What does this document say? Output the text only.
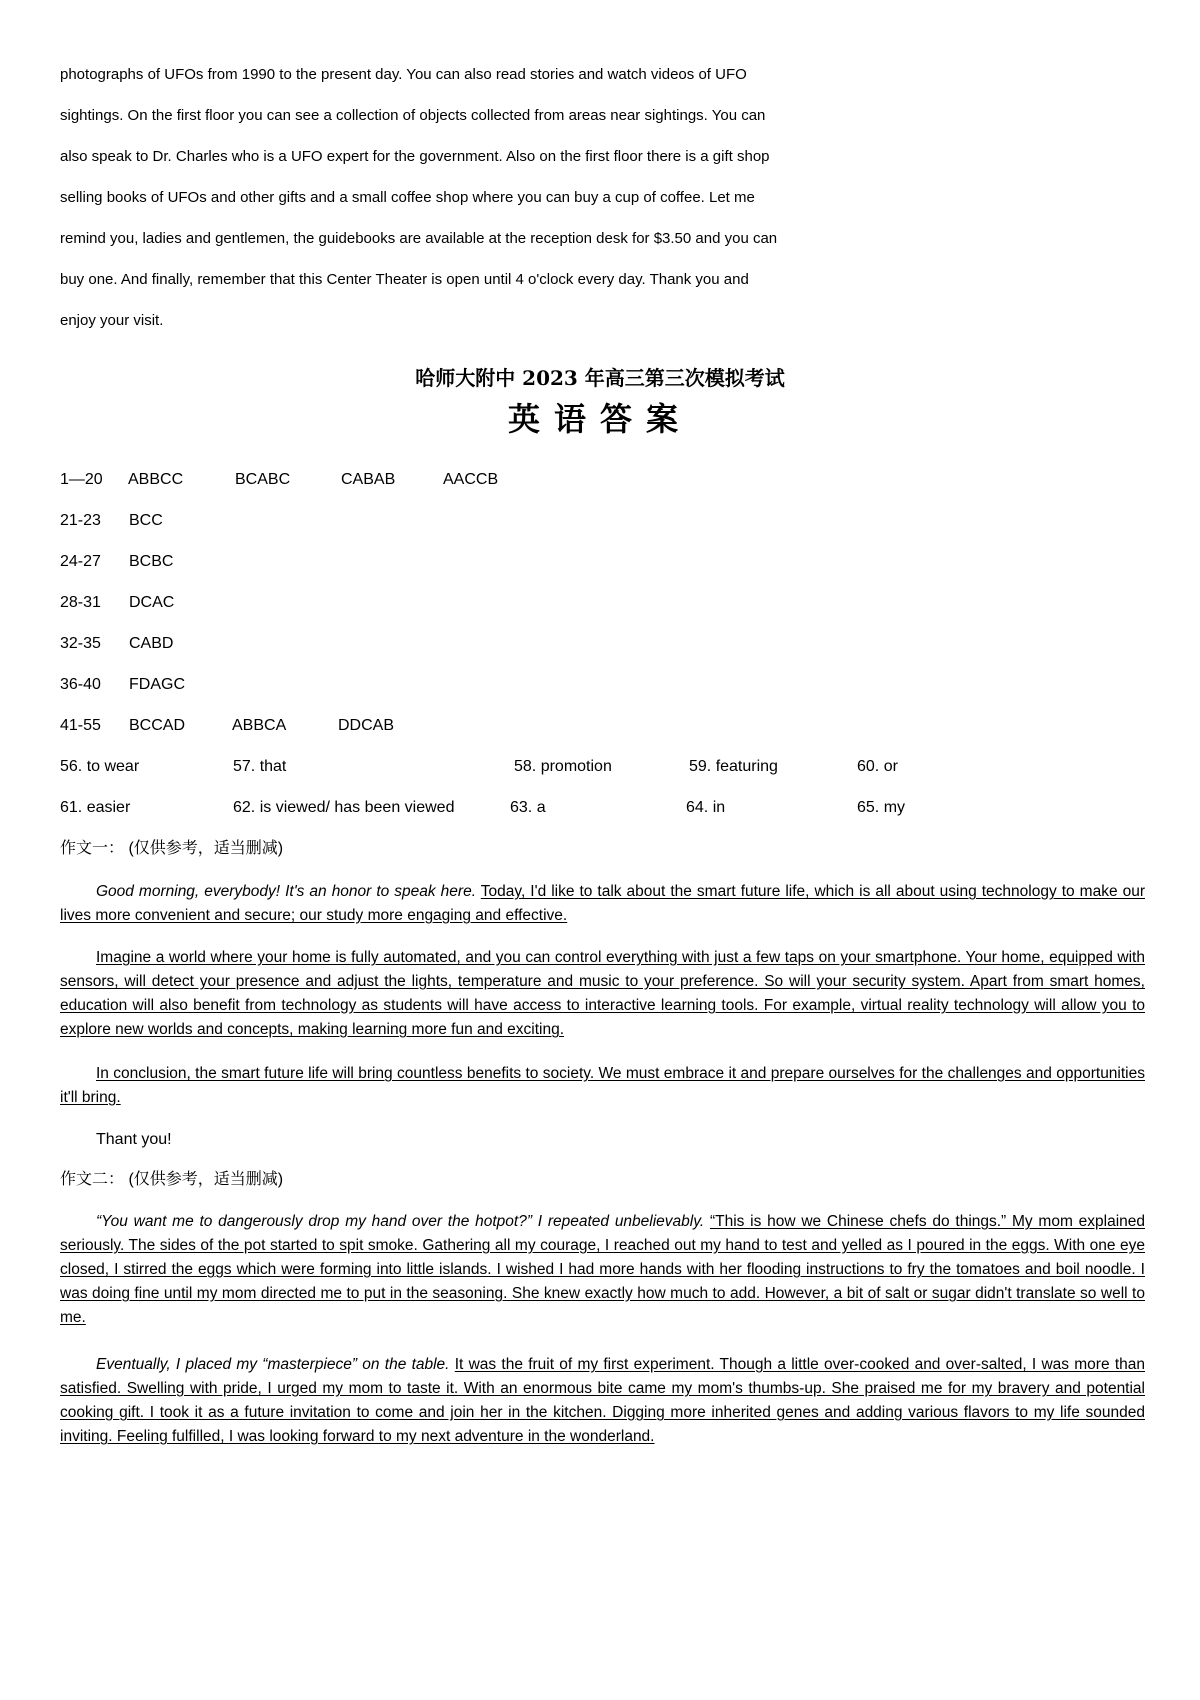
photographs of UFOs from 1990 to the present day. You can also read stories and watch videos of UFO

sightings. On the first floor you can see a collection of objects collected from areas near sightings. You can

also speak to Dr. Charles who is a UFO expert for the government. Also on the first floor there is a gift shop

selling books of UFOs and other gifts and a small coffee shop where you can buy a cup of coffee. Let me

remind you, ladies and gentlemen, the guidebooks are available at the reception desk for $3.50 and you can

buy one. And finally, remember that this Center Theater is open until 4 o'clock every day. Thank you and

enjoy your visit.

哈师大附中 2023 年高三第三次模拟考试
英语答案
1—20 ABBCC	BCABC	CABAB	AACCB
21-23 BCC
24-27 BCBC
28-31 DCAC
32-35 CABD
36-40 FDAGC
41-55 BCCAD	ABBCA	DDCAB
56. to wear	57. that	58. promotion	59. featuring	60. or
61. easier	62. is viewed/ has been viewed	63. a	64. in	65. my
作文一： (仅供参考，适当删减)
Good morning, everybody! It's an honor to speak here. Today, I'd like to talk about the smart future life, which is all about using technology to make our lives more convenient and secure; our study more engaging and effective.
Imagine a world where your home is fully automated, and you can control everything with just a few taps on your smartphone. Your home, equipped with sensors, will detect your presence and adjust the lights, temperature and music to your preference. So will your security system. Apart from smart homes, education will also benefit from technology as students will have access to interactive learning tools. For example, virtual reality technology will allow you to explore new worlds and concepts, making learning more fun and exciting.
In conclusion, the smart future life will bring countless benefits to society. We must embrace it and prepare ourselves for the challenges and opportunities it'll bring.
Thant you!
作文二： (仅供参考，适当删减)
“You want me to dangerously drop my hand over the hotpot?” I repeated unbelievably. “This is how we Chinese chefs do things.” My mom explained seriously. The sides of the pot started to spit smoke. Gathering all my courage, I reached out my hand to test and yelled as I poured in the eggs. With one eye closed, I stirred the eggs which were forming into little islands. I wished I had more hands with her flooding instructions to fry the tomatoes and boil noodle. I was doing fine until my mom directed me to put in the seasoning. She knew exactly how much to add. However, a bit of salt or sugar didn't translate so well to me.
Eventually, I placed my “masterpiece” on the table. It was the fruit of my first experiment. Though a little over-cooked and over-salted, I was more than satisfied. Swelling with pride, I urged my mom to taste it. With an enormous bite came my mom's thumbs-up. She praised me for my bravery and potential cooking gift. I took it as a future invitation to come and join her in the kitchen. Digging more inherited genes and adding various flavors to my life sounded inviting. Feeling fulfilled, I was looking forward to my next adventure in the wonderland.
